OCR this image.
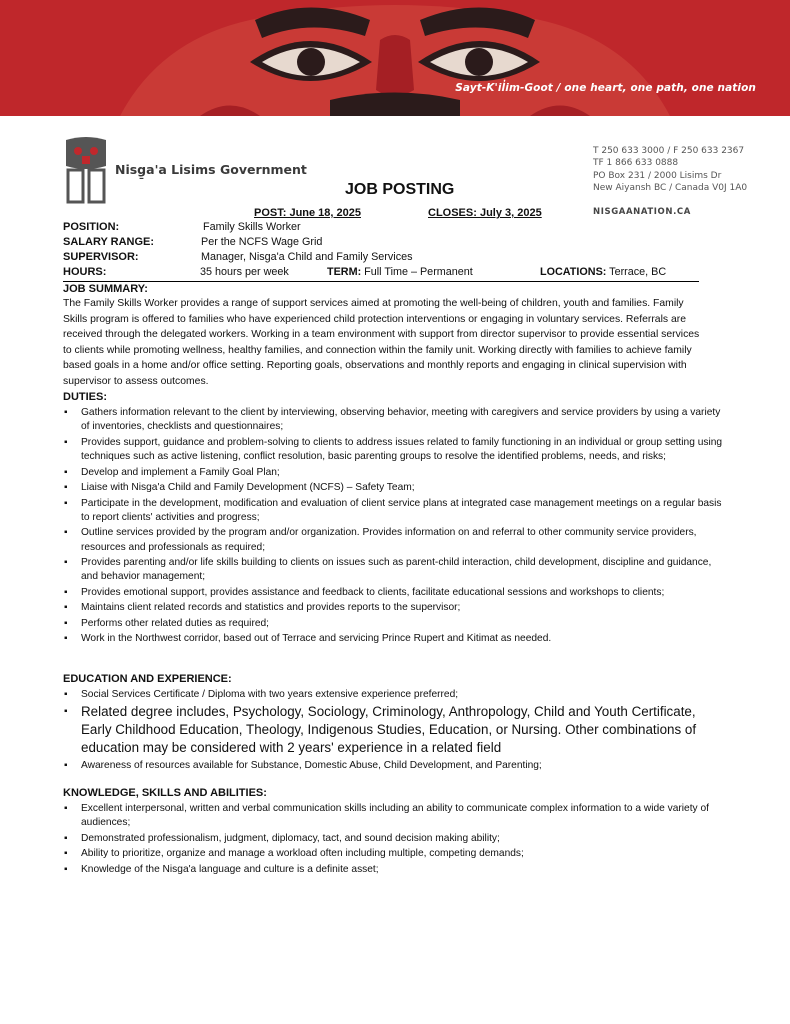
Sayt-K'il̓im-Goot / one heart, one path, one nation
Nisg̱a'a Lisims Government
T 250 633 3000 / F 250 633 2367
TF 1 866 633 0888
PO Box 231 / 2000 Lisims Dr
New Aiyansh BC / Canada V0J 1A0
NISGAANATION.CA
JOB POSTING
POST: June 18, 2025	CLOSES: July 3, 2025
POSITION:	Family Skills Worker
SALARY RANGE:	Per the NCFS Wage Grid
SUPERVISOR:	Manager, Nisga'a Child and Family Services
HOURS:	35 hours per week	TERM: Full Time – Permanent	LOCATIONS: Terrace, BC
JOB SUMMARY:
The Family Skills Worker provides a range of support services aimed at promoting the well-being of children, youth and families. Family Skills program is offered to families who have experienced child protection interventions or engaging in voluntary services. Referrals are received through the delegated workers. Working in a team environment with support from director supervisor to provide essential services to clients while promoting wellness, healthy families, and connection within the family unit. Working directly with families to achieve family based goals in a home and/or office setting. Reporting goals, observations and monthly reports and engaging in clinical supervision with supervisor to assess outcomes.
DUTIES:
▪ Gathers information relevant to the client by interviewing, observing behavior, meeting with caregivers and service providers by using a variety of inventories, checklists and questionnaires;
▪ Provides support, guidance and problem-solving to clients to address issues related to family functioning in an individual or group setting using techniques such as active listening, conflict resolution, basic parenting groups to resolve the identified problems, needs, and risks;
▪ Develop and implement a Family Goal Plan;
▪ Liaise with Nisga'a Child and Family Development (NCFS) – Safety Team;
▪ Participate in the development, modification and evaluation of client service plans at integrated case management meetings on a regular basis to report clients' activities and progress;
▪ Outline services provided by the program and/or organization. Provides information on and referral to other community service providers, resources and professionals as required;
▪ Provides parenting and/or life skills building to clients on issues such as parent-child interaction, child development, discipline and guidance, and behavior management;
▪ Provides emotional support, provides assistance and feedback to clients, facilitate educational sessions and workshops to clients;
▪ Maintains client related records and statistics and provides reports to the supervisor;
▪ Performs other related duties as required;
▪ Work in the Northwest corridor, based out of Terrace and servicing Prince Rupert and Kitimat as needed.
EDUCATION AND EXPERIENCE:
▪ Social Services Certificate / Diploma with two years extensive experience preferred;
▪ Related degree includes, Psychology, Sociology, Criminology, Anthropology, Child and Youth Certificate, Early Childhood Education, Theology, Indigenous Studies, Education, or Nursing. Other combinations of education may be considered with 2 years' experience in a related field
▪ Awareness of resources available for Substance, Domestic Abuse, Child Development, and Parenting;
KNOWLEDGE, SKILLS AND ABILITIES:
▪ Excellent interpersonal, written and verbal communication skills including an ability to communicate complex information to a wide variety of audiences;
▪ Demonstrated professionalism, judgment, diplomacy, tact, and sound decision making ability;
▪ Ability to prioritize, organize and manage a workload often including multiple, competing demands;
▪ Knowledge of the Nisga'a language and culture is a definite asset;
